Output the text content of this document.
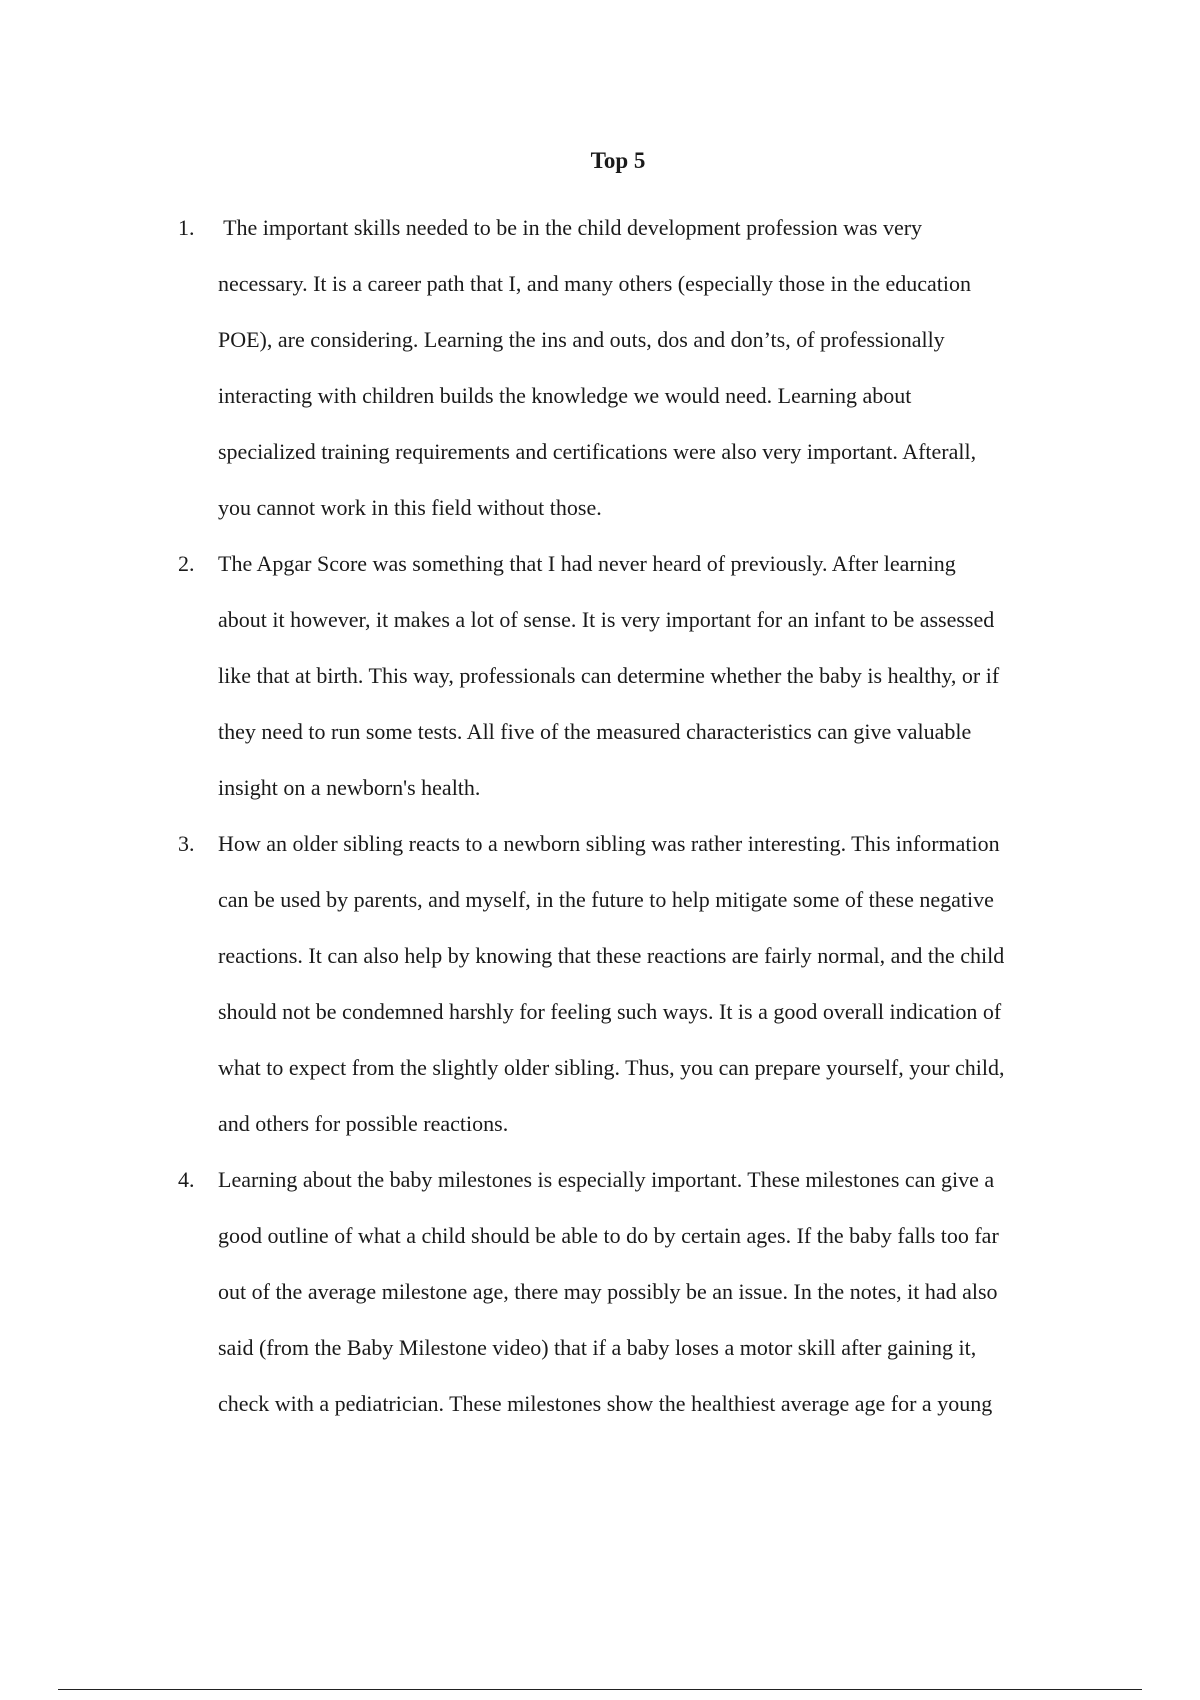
Top 5
1.	The important skills needed to be in the child development profession was very
necessary. It is a career path that I, and many others (especially those in the education
POE), are considering. Learning the ins and outs, dos and don’ts, of professionally
interacting with children builds the knowledge we would need. Learning about
specialized training requirements and certifications were also very important. Afterall,
you cannot work in this field without those.
2.	The Apgar Score was something that I had never heard of previously. After learning
about it however, it makes a lot of sense. It is very important for an infant to be assessed
like that at birth. This way, professionals can determine whether the baby is healthy, or if
they need to run some tests. All five of the measured characteristics can give valuable
insight on a newborn's health.
3.	How an older sibling reacts to a newborn sibling was rather interesting. This information
can be used by parents, and myself, in the future to help mitigate some of these negative
reactions. It can also help by knowing that these reactions are fairly normal, and the child
should not be condemned harshly for feeling such ways. It is a good overall indication of
what to expect from the slightly older sibling. Thus, you can prepare yourself, your child,
and others for possible reactions.
4.	Learning about the baby milestones is especially important. These milestones can give a
good outline of what a child should be able to do by certain ages. If the baby falls too far
out of the average milestone age, there may possibly be an issue. In the notes, it had also
said (from the Baby Milestone video) that if a baby loses a motor skill after gaining it,
check with a pediatrician. These milestones show the healthiest average age for a young
